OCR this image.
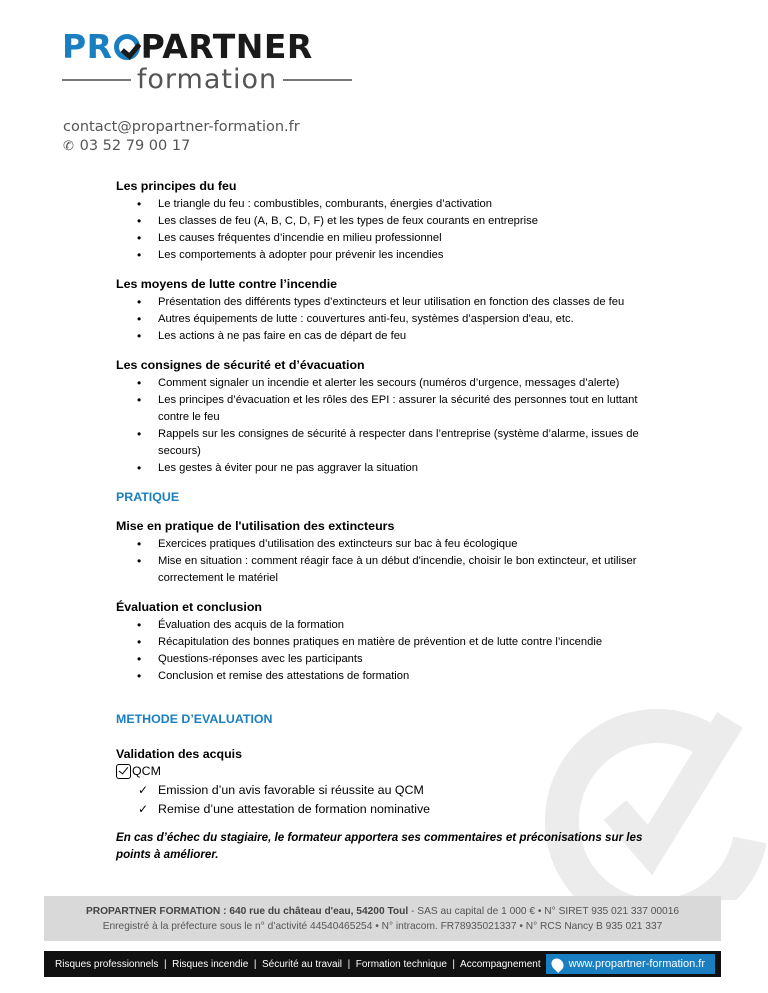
PR PARTNER
formation
contact@propartner-formation.fr
✆ 03 52 79 00 17
Les principes du feu
• Le triangle du feu : combustibles, comburants, énergies d’activation
• Les classes de feu (A, B, C, D, F) et les types de feux courants en entreprise
• Les causes fréquentes d’incendie en milieu professionnel
• Les comportements à adopter pour prévenir les incendies
Les moyens de lutte contre l’incendie
• Présentation des différents types d’extincteurs et leur utilisation en fonction des classes de feu
• Autres équipements de lutte : couvertures anti-feu, systèmes d’aspersion d'eau, etc.
• Les actions à ne pas faire en cas de départ de feu
Les consignes de sécurité et d’évacuation
• Comment signaler un incendie et alerter les secours (numéros d’urgence, messages d’alerte)
• Les principes d’évacuation et les rôles des EPI : assurer la sécurité des personnes tout en luttant contre le feu
• Rappels sur les consignes de sécurité à respecter dans l’entreprise (système d’alarme, issues de secours)
• Les gestes à éviter pour ne pas aggraver la situation
PRATIQUE
Mise en pratique de l'utilisation des extincteurs
• Exercices pratiques d’utilisation des extincteurs sur bac à feu écologique
• Mise en situation : comment réagir face à un début d'incendie, choisir le bon extincteur, et utiliser correctement le matériel
Évaluation et conclusion
• Évaluation des acquis de la formation
• Récapitulation des bonnes pratiques en matière de prévention et de lutte contre l’incendie
• Questions-réponses avec les participants
• Conclusion et remise des attestations de formation
METHODE D’EVALUATION
Validation des acquis
QCM
✓ Emission d’un avis favorable si réussite au QCM
✓ Remise d’une attestation de formation nominative
En cas d’échec du stagiaire, le formateur apportera ses commentaires et préconisations sur les points à améliorer.
PROPARTNER FORMATION : 640 rue du château d'eau, 54200 Toul - SAS au capital de 1 000 € • N° SIRET 935 021 337 00016
Enregistré à la préfecture sous le n° d’activité 44540465254 • N° intracom. FR78935021337 • N° RCS Nancy B 935 021 337
Risques professionnels  |  Risques incendie  |  Sécurité au travail  |  Formation technique  |  Accompagnement	www.propartner-formation.fr
